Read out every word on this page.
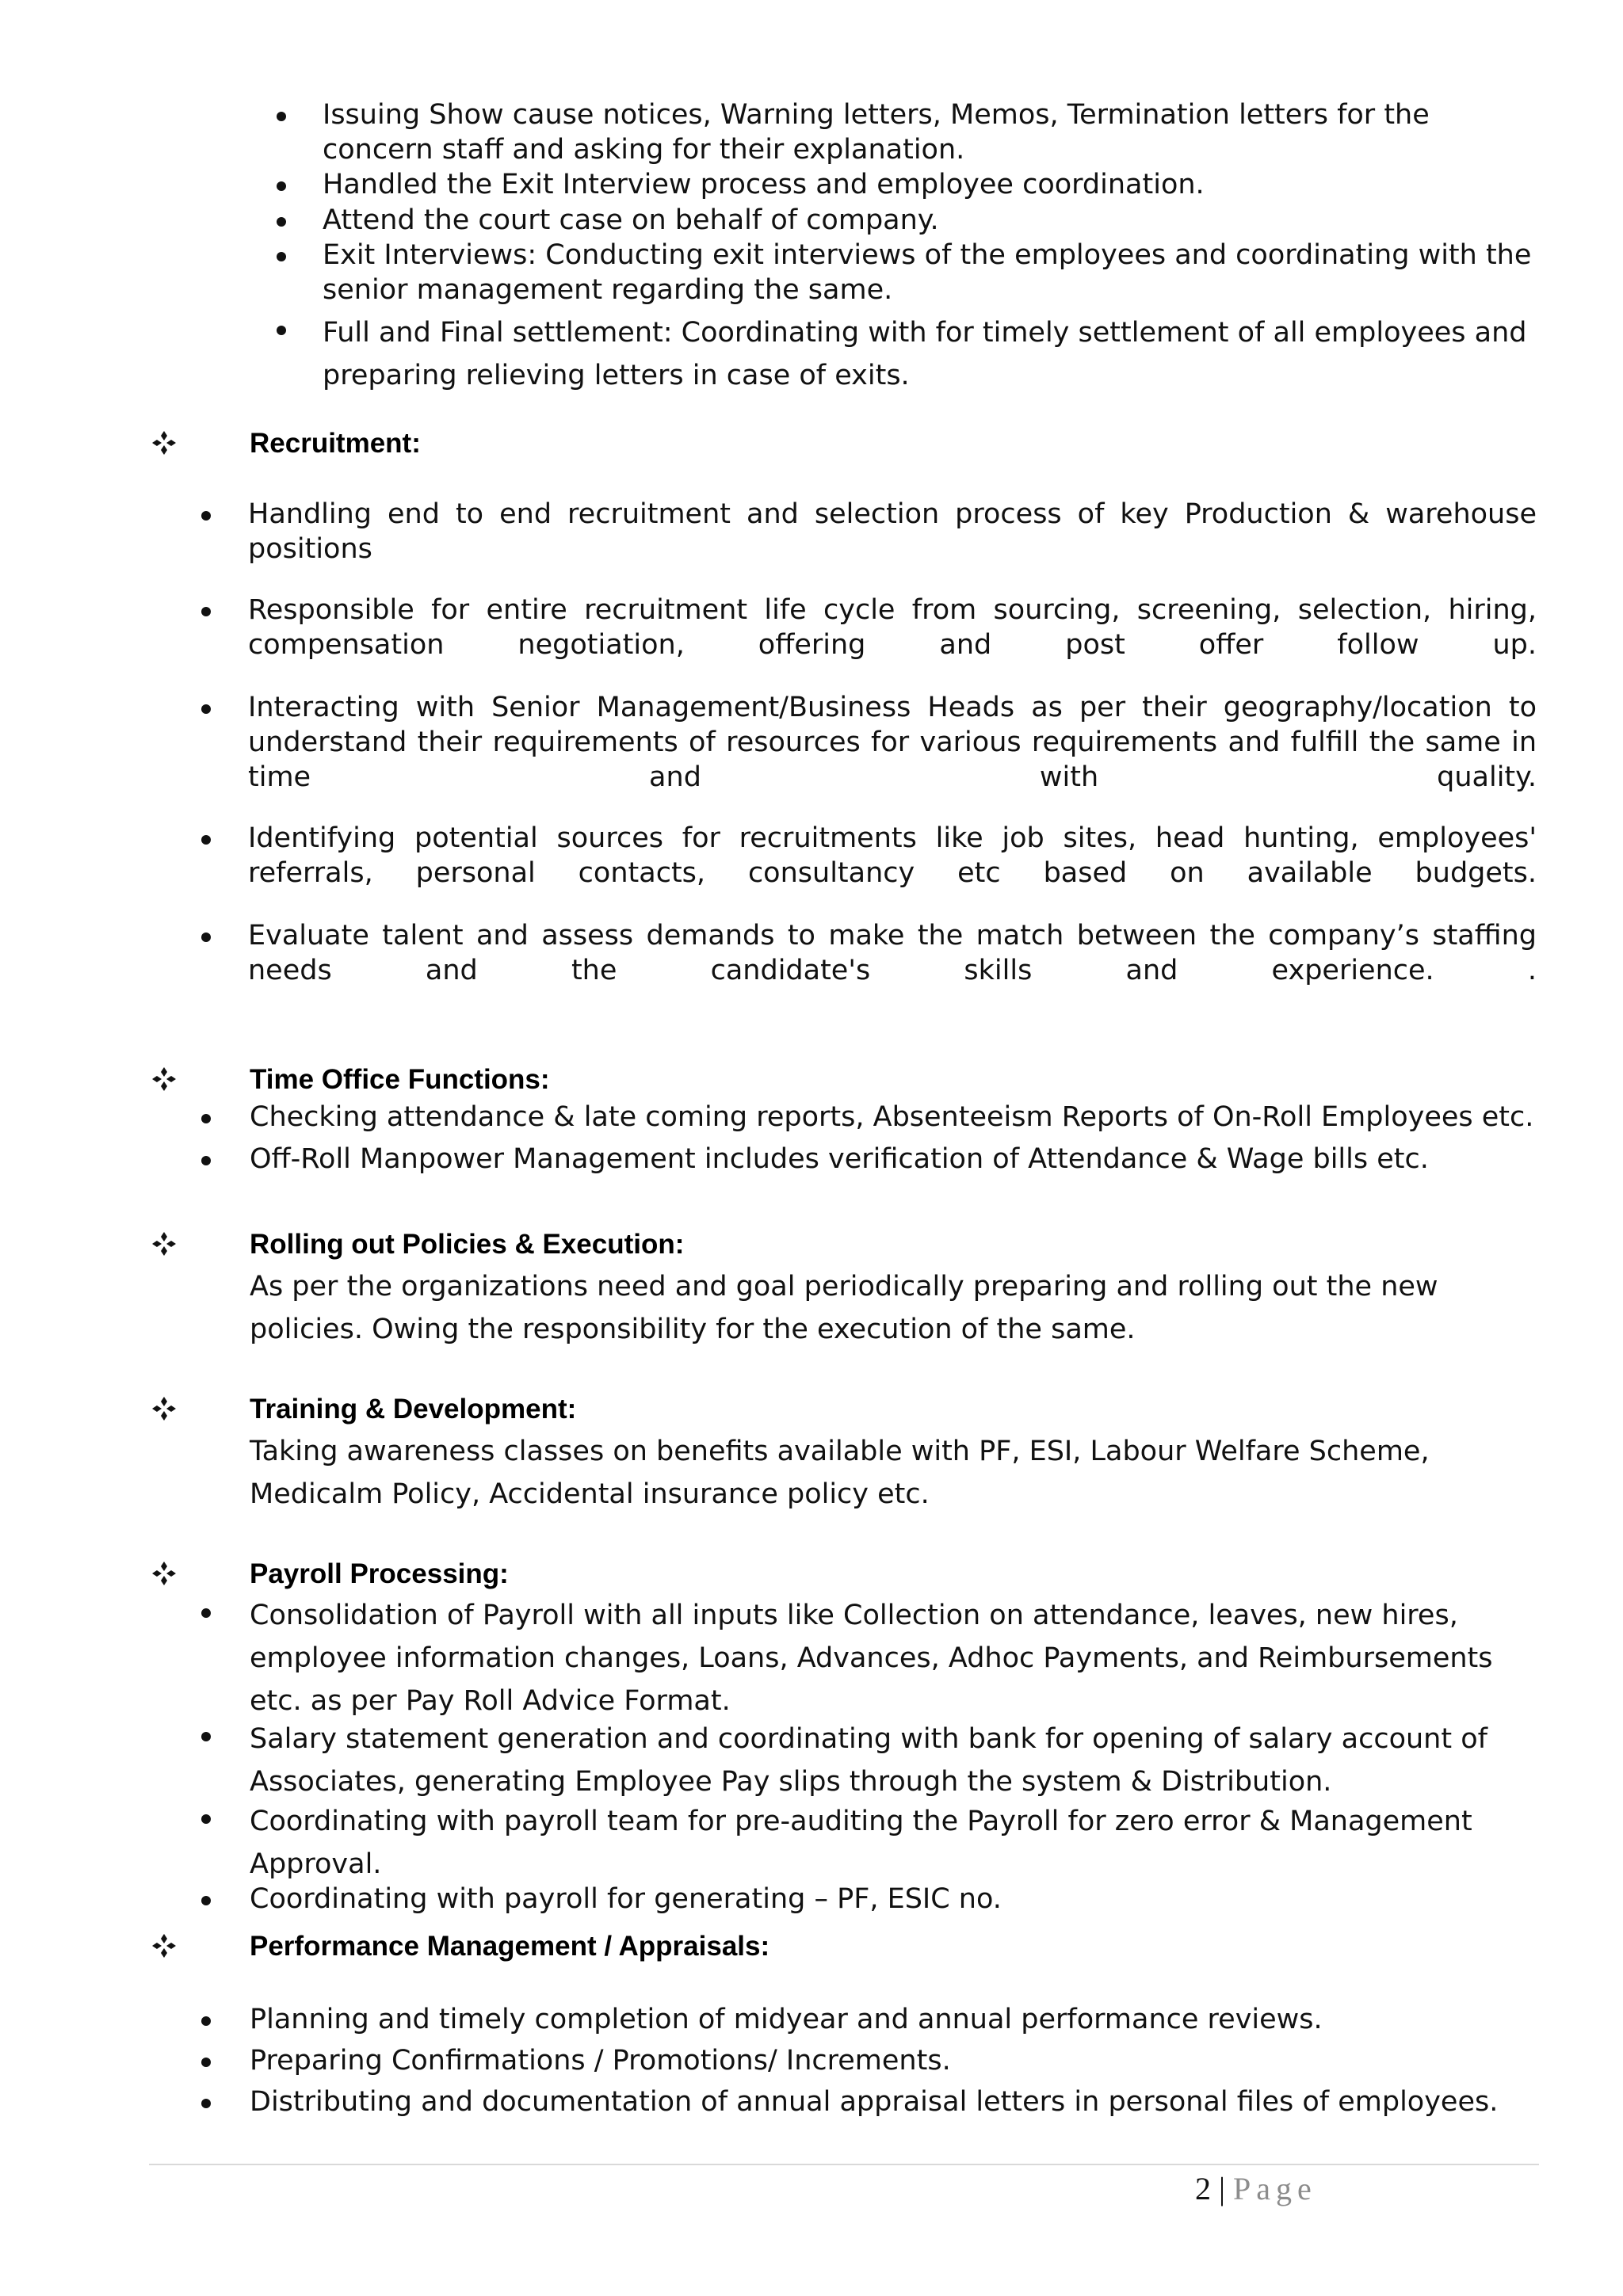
Issuing Show cause notices, Warning letters, Memos, Termination letters for the concern staff and asking for their explanation.

Handled the Exit Interview process and employee coordination.

Attend the court case on behalf of company.

Exit Interviews: Conducting exit interviews of the employees and coordinating with the senior management regarding the same.

Full and Final settlement: Coordinating with for timely settlement of all employees and preparing relieving letters in case of exits.

Recruitment:

Handling end to end recruitment and selection process of key Production & warehouse positions

Responsible for entire recruitment life cycle from sourcing, screening, selection, hiring, compensation negotiation, offering and post offer follow up.

Interacting with Senior Management/Business Heads as per their geography/location to understand their requirements of resources for various requirements and fulfill the same in time and with quality.

Identifying potential sources for recruitments like job sites, head hunting, employees' referrals, personal contacts, consultancy etc based on available budgets.

Evaluate talent and assess demands to make the match between the company’s staffing needs and the candidate's skills and experience. .

Time Office Functions:

Checking attendance & late coming reports, Absenteeism Reports of On-Roll Employees etc.

Off-Roll Manpower Management includes verification of Attendance & Wage bills etc.

Rolling out Policies & Execution:

As per the organizations need and goal periodically preparing and rolling out the new policies. Owing the responsibility for the execution of the same.

Training & Development:

Taking awareness classes on benefits available with PF, ESI, Labour Welfare Scheme, Medicalm Policy, Accidental insurance policy etc.

Payroll Processing:

Consolidation of Payroll with all inputs like Collection on attendance, leaves, new hires, employee information changes, Loans, Advances, Adhoc Payments, and Reimbursements etc. as per Pay Roll Advice Format.

Salary statement generation and coordinating with bank for opening of salary account of Associates, generating Employee Pay slips through the system & Distribution.

Coordinating with payroll team for pre-auditing the Payroll for zero error & Management Approval.

Coordinating with payroll for generating – PF, ESIC no.

Performance Management / Appraisals:

Planning and timely completion of midyear and annual performance reviews.

Preparing Confirmations / Promotions/ Increments.

Distributing and documentation of annual appraisal letters in personal files of employees.

2 | Page
